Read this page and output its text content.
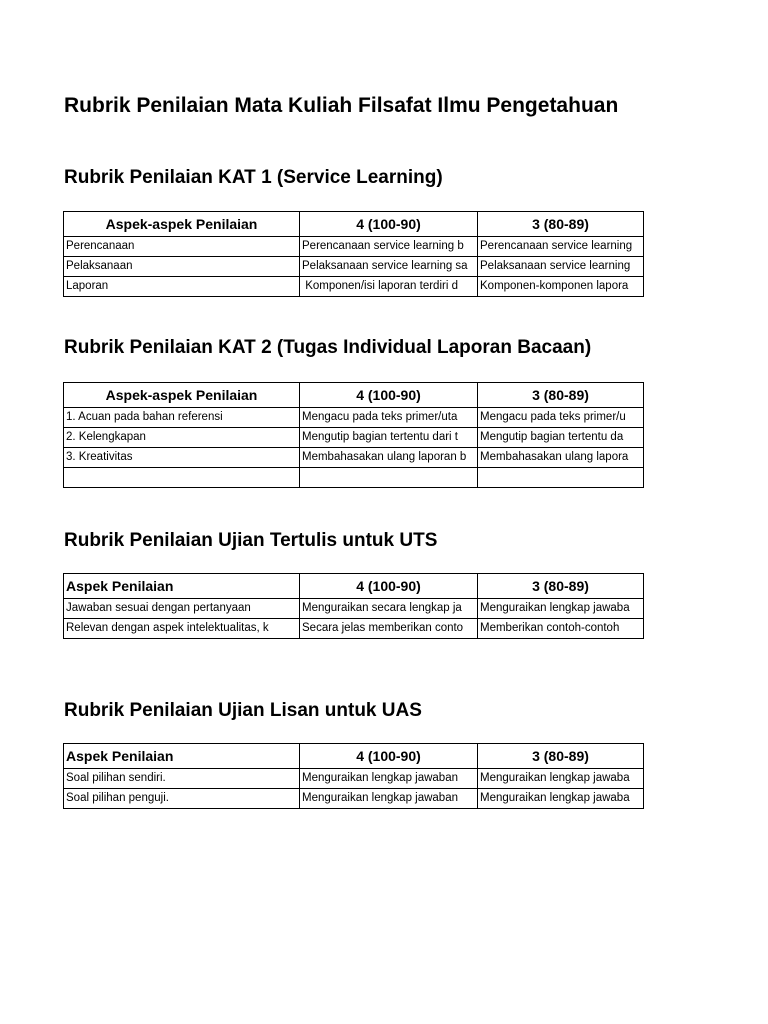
Rubrik Penilaian Mata Kuliah Filsafat Ilmu Pengetahuan
Rubrik Penilaian KAT 1 (Service Learning)
Aspek-aspek Penilaian	4 (100-90)	3 (80-89)
Perencanaan	Perencanaan service learning b	Perencanaan service learning
Pelaksanaan	Pelaksanaan service learning sa	Pelaksanaan service learning
Laporan	Komponen/isi laporan terdiri d	Komponen-komponen lapora
Rubrik Penilaian KAT 2 (Tugas Individual Laporan Bacaan)
Aspek-aspek Penilaian	4 (100-90)	3 (80-89)
1. Acuan pada bahan referensi	Mengacu pada teks primer/uta	Mengacu pada teks primer/u
2. Kelengkapan	Mengutip bagian tertentu dari t	Mengutip bagian tertentu da
3. Kreativitas	Membahasakan ulang laporan b	Membahasakan ulang lapora

Rubrik Penilaian Ujian Tertulis untuk UTS
Aspek Penilaian	4 (100-90)	3 (80-89)
Jawaban sesuai dengan pertanyaan	Menguraikan secara lengkap ja	Menguraikan lengkap jawaba
Relevan dengan aspek intelektualitas, k	Secara jelas memberikan conto	Memberikan contoh-contoh
Rubrik Penilaian Ujian Lisan untuk UAS
Aspek Penilaian	4 (100-90)	3 (80-89)
Soal pilihan sendiri.	Menguraikan lengkap jawaban	Menguraikan lengkap jawaba
Soal pilihan penguji.	Menguraikan lengkap jawaban	Menguraikan lengkap jawaba
